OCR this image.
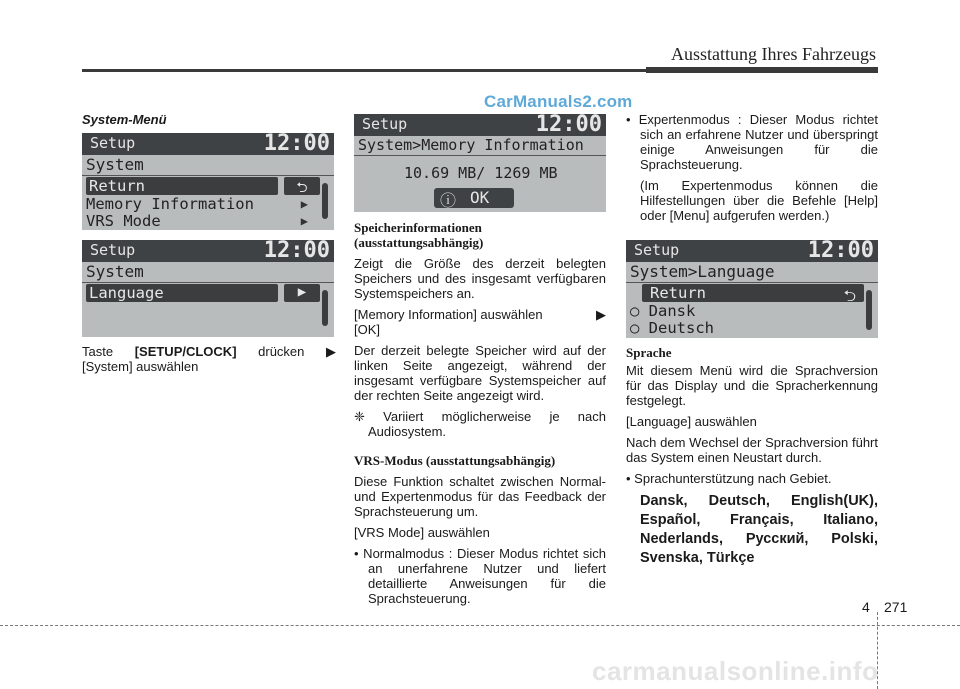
Ausstattung Ihres Fahrzeugs
CarManuals2.com

System-Menü

Setup	12:00
System
Return	⮌
Memory Information	▶
VRS Mode	▶
Setup	12:00
System
Language	▶

Taste [SETUP/CLOCK] drücken ▶

[System] auswählen

Setup	12:00
System>Memory Information
10.69 MB/ 1269 MB
ⓘ OK

Speicherinformationen

(ausstattungsabhängig)

Zeigt die Größe des derzeit belegten Speichers und des insgesamt verfügbaren Systemspeichers an.

[Memory Information] auswählen	▶

[OK]

Der derzeit belegte Speicher wird auf der linken Seite angezeigt, während der insgesamt verfügbare Systemspeicher auf der rechten Seite angezeigt wird.

❈ Variiert möglicherweise je nach Audiosystem.

VRS-Modus (ausstattungsabhängig)

Diese Funktion schaltet zwischen Normal- und Expertenmodus für das Feedback der Sprachsteuerung um.

[VRS Mode] auswählen

• Normalmodus : Dieser Modus richtet sich an unerfahrene Nutzer und liefert detaillierte Anweisungen für die Sprachsteuerung.

• Expertenmodus : Dieser Modus richtet sich an erfahrene Nutzer und überspringt einige Anweisungen für die Sprachsteuerung.

(Im Expertenmodus können die Hilfestellungen über die Befehle [Help] oder [Menu] aufgerufen werden.)

Setup	12:00
System>Language
Return	⮌
○ Dansk
○ Deutsch

Sprache

Mit diesem Menü wird die Sprachversion für das Display und die Spracherkennung festgelegt.

[Language] auswählen

Nach dem Wechsel der Sprachversion führt das System einen Neustart durch.

• Sprachunterstützung nach Gebiet.

Dansk, Deutsch, English(UK), Español, Français, Italiano, Nederlands, Русский, Polski, Svenska, Türkçe

4 271
carmanualsonline.info
